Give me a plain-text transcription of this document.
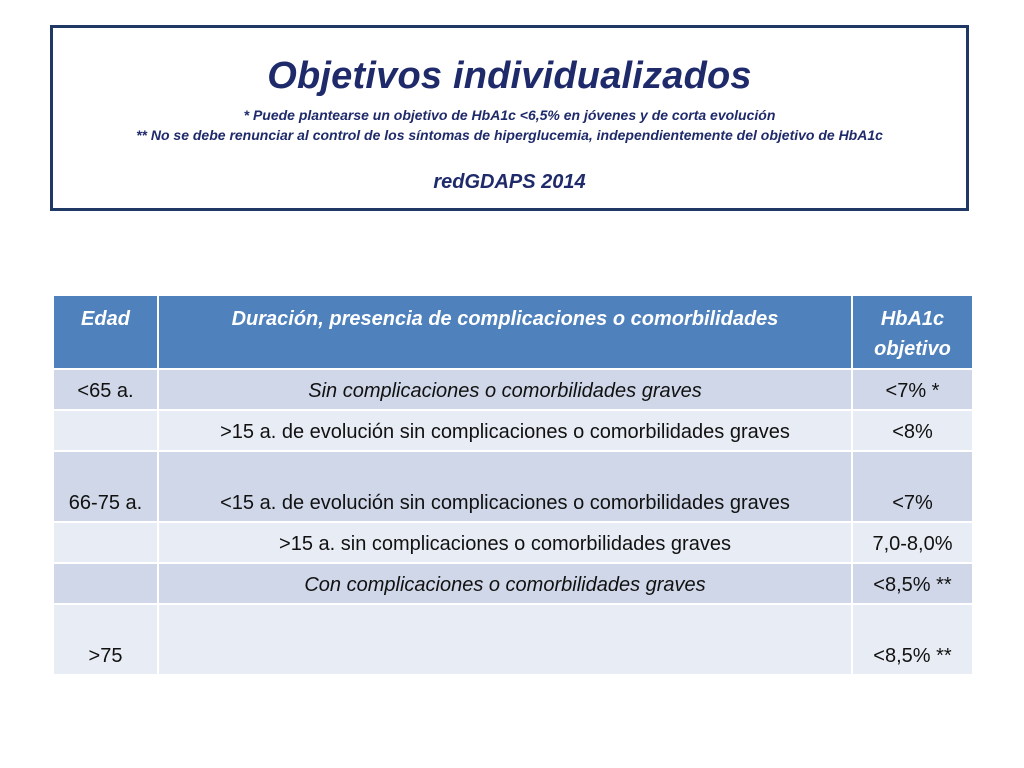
Objetivos individualizados
* Puede plantearse un objetivo de HbA1c <6,5% en jóvenes y de corta evolución
** No se debe renunciar al control de los síntomas de hiperglucemia, independientemente del objetivo de HbA1c
redGDAPS 2014
Edad	Duración, presencia de complicaciones o comorbilidades	HbA1c objetivo
<65 a.	Sin complicaciones o comorbilidades graves	<7% *
	>15 a. de evolución sin complicaciones o comorbilidades graves	<8%
66-75 a.	<15 a. de evolución sin complicaciones o comorbilidades graves	<7%
	>15 a. sin complicaciones o comorbilidades graves	7,0-8,0%
	Con complicaciones o comorbilidades graves	<8,5% **
>75		<8,5% **
